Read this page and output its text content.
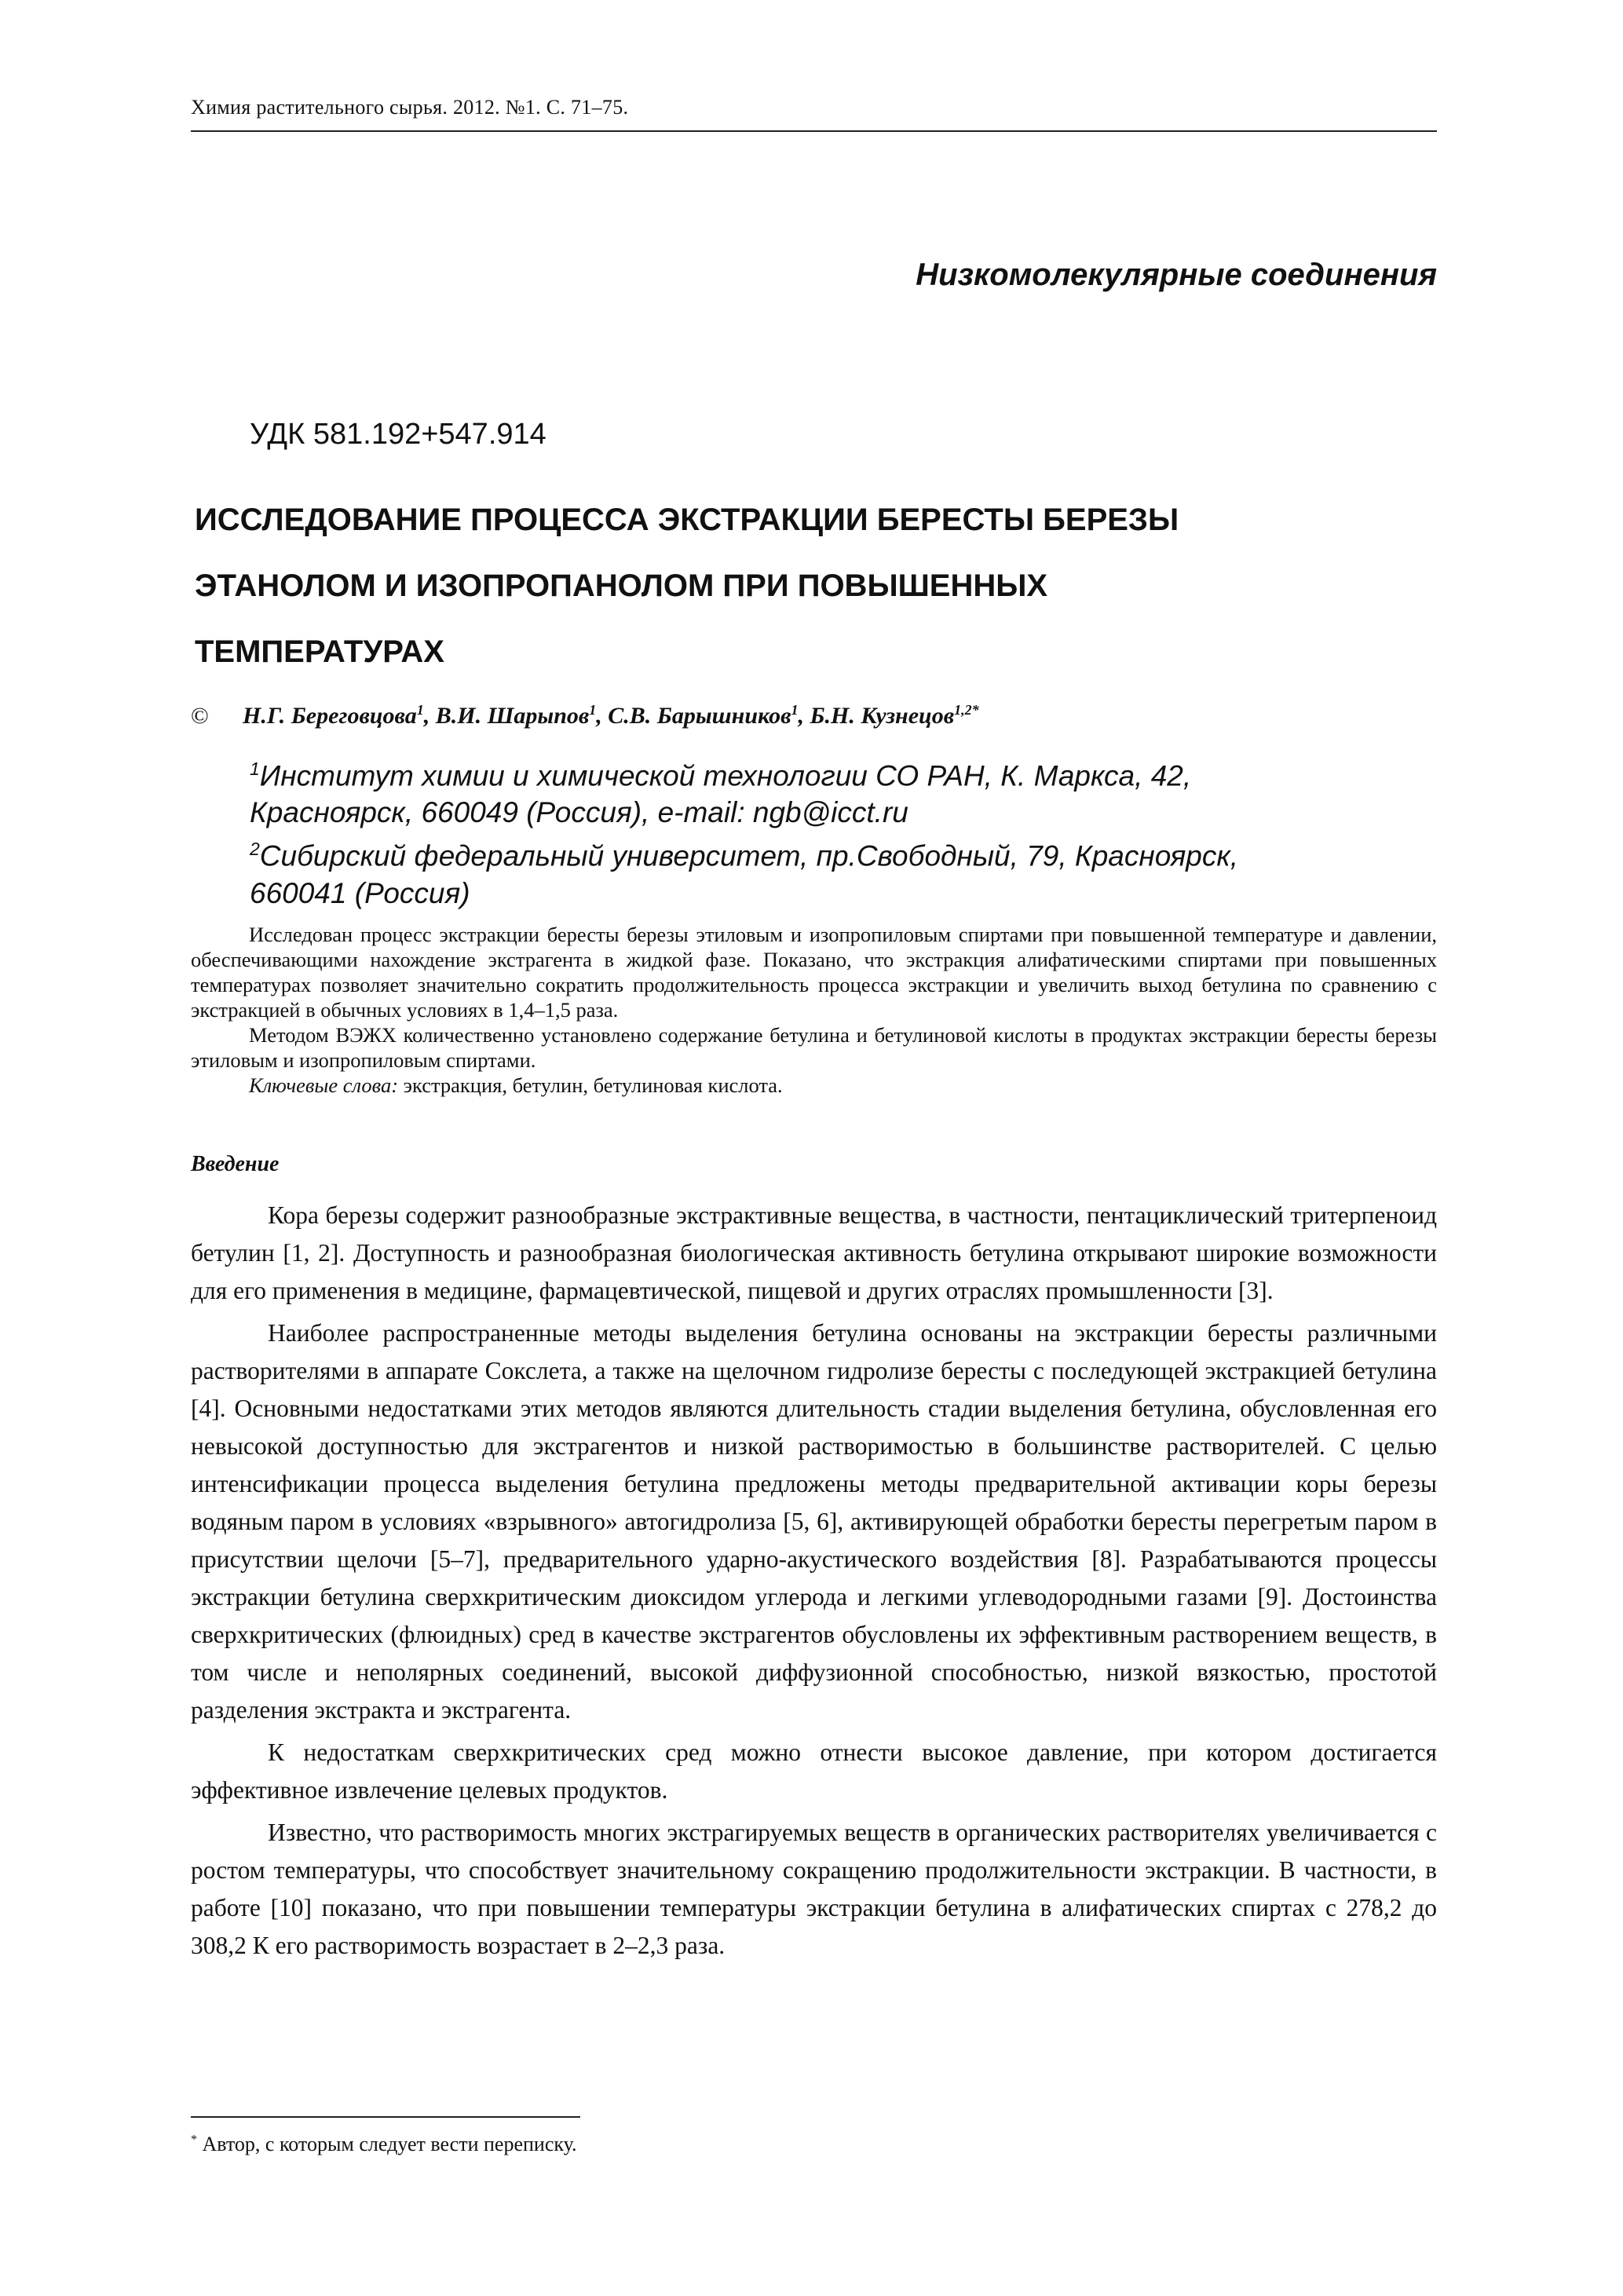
Химия растительного сырья. 2012. №1. С. 71–75.
Низкомолекулярные соединения
УДК 581.192+547.914
ИССЛЕДОВАНИЕ ПРОЦЕССА ЭКСТРАКЦИИ БЕРЕСТЫ БЕРЕЗЫ
ЭТАНОЛОМ И ИЗОПРОПАНОЛОМ ПРИ ПОВЫШЕННЫХ
ТЕМПЕРАТУРАХ
© Н.Г. Береговцова$^1$, В.И. Шарыпов$^1$, С.В. Барышников$^1$, Б.Н. Кузнецов$^{1,2*}$
$^1$Институт химии и химической технологии СО РАН, К. Маркса, 42,
Красноярск, 660049 (Россия), e-mail: ngb@icct.ru
$^2$Сибирский федеральный университет, пр.Свободный, 79, Красноярск,
660041 (Россия)

Исследован процесс экстракции бересты березы этиловым и изопропиловым спиртами при повышенной температуре и давлении, обеспечивающими нахождение экстрагента в жидкой фазе. Показано, что экстракция алифатическими спиртами при повышенных температурах позволяет значительно сократить продолжительность процесса экстракции и увеличить выход бетулина по сравнению с экстракцией в обычных условиях в 1,4–1,5 раза.

Методом ВЭЖХ количественно установлено содержание бетулина и бетулиновой кислоты в продуктах экстракции бересты березы этиловым и изопропиловым спиртами.

Ключевые слова: экстракция, бетулин, бетулиновая кислота.

Введение

Кора березы содержит разнообразные экстрактивные вещества, в частности, пентациклический тритерпеноид бетулин [1, 2]. Доступность и разнообразная биологическая активность бетулина открывают широкие возможности для его применения в медицине, фармацевтической, пищевой и других отраслях промышленности [3].

Наиболее распространенные методы выделения бетулина основаны на экстракции бересты различными растворителями в аппарате Сокслета, а также на щелочном гидролизе бересты с последующей экстракцией бетулина [4]. Основными недостатками этих методов являются длительность стадии выделения бетулина, обусловленная его невысокой доступностью для экстрагентов и низкой растворимостью в большинстве растворителей. С целью интенсификации процесса выделения бетулина предложены методы предварительной активации коры березы водяным паром в условиях «взрывного» автогидролиза [5, 6], активирующей обработки бересты перегретым паром в присутствии щелочи [5–7], предварительного ударно-акустического воздействия [8]. Разрабатываются процессы экстракции бетулина сверхкритическим диоксидом углерода и легкими углеводородными газами [9]. Достоинства сверхкритических (флюидных) сред в качестве экстрагентов обусловлены их эффективным растворением веществ, в том числе и неполярных соединений, высокой диффузионной способностью, низкой вязкостью, простотой разделения экстракта и экстрагента.

К недостаткам сверхкритических сред можно отнести высокое давление, при котором достигается эффективное извлечение целевых продуктов.

Известно, что растворимость многих экстрагируемых веществ в органических растворителях увеличивается с ростом температуры, что способствует значительному сокращению продолжительности экстракции. В частности, в работе [10] показано, что при повышении температуры экстракции бетулина в алифатических спиртах с 278,2 до 308,2 К его растворимость возрастает в 2–2,3 раза.

* Автор, с которым следует вести переписку.
